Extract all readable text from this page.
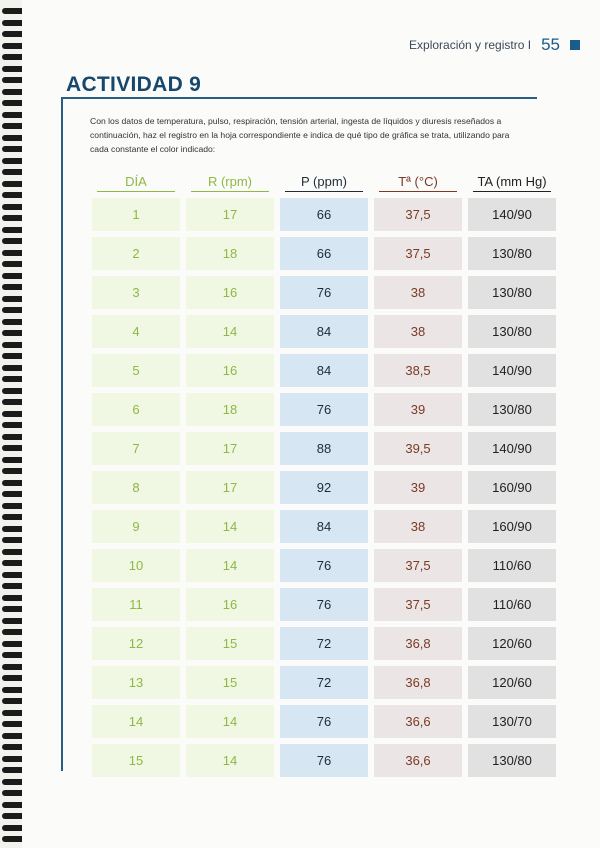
Exploración y registro I 55
ACTIVIDAD 9
Con los datos de temperatura, pulso, respiración, tensión arterial, ingesta de líquidos y diuresis reseñados a continuación, haz el registro en la hoja correspondiente e indica de qué tipo de gráfica se trata, utilizando para cada constante el color indicado:
DÍA	R (rpm)	P (ppm)	Tª (°C)	TA (mm Hg)
1	17	66	37,5	140/90
2	18	66	37,5	130/80
3	16	76	38	130/80
4	14	84	38	130/80
5	16	84	38,5	140/90
6	18	76	39	130/80
7	17	88	39,5	140/90
8	17	92	39	160/90
9	14	84	38	160/90
10	14	76	37,5	110/60
11	16	76	37,5	110/60
12	15	72	36,8	120/60
13	15	72	36,8	120/60
14	14	76	36,6	130/70
15	14	76	36,6	130/80
